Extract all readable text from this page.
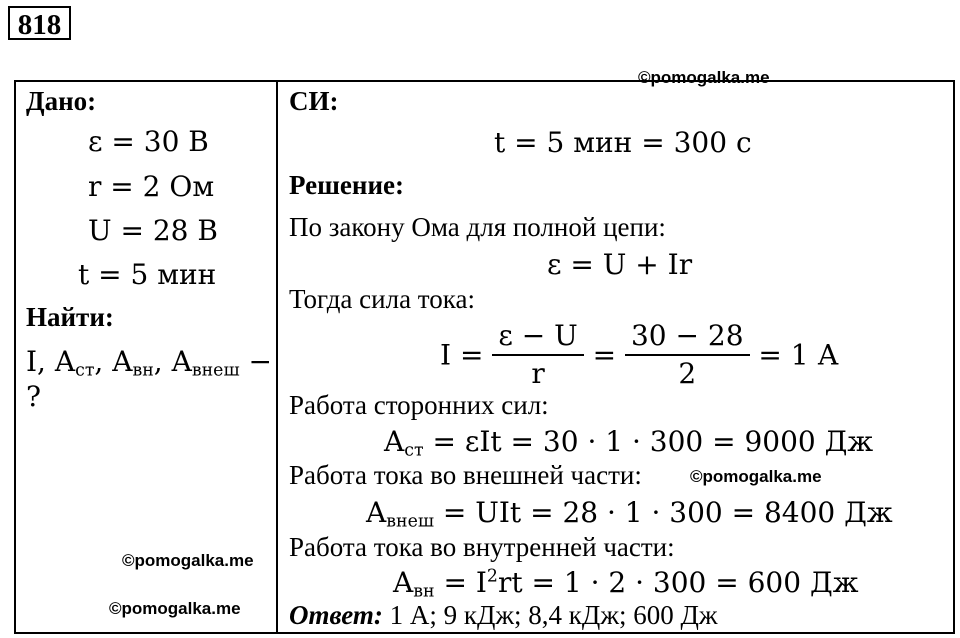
818
Дано:
ε = 30 В
r = 2 Ом
U = 28 В
t = 5 мин
Найти:
I, $A_{ст}$, $A_{вн}$, $A_{внеш}$ −
?
СИ:
t = 5 мин = 300 с
Решение:
По закону Ома для полной цепи:
ε = U + Ir
Тогда сила тока:
$I = \frac{\varepsilon - U}{r} = \frac{30 - 28}{2} = 1$ А
Работа сторонних сил:
$A_{ст} = \varepsilon It = 30 \cdot 1 \cdot 300 = 9000$ Дж
Работа тока во внешней части:	©pomogalka.me
$A_{внеш}$ = UIt = 28 · 1 · 300 = 8400 Дж
Работа тока во внутренней части:
$A_{вн} = I^2rt = 1 \cdot 2 \cdot 300 = 600$ Дж
Ответ: 1 А; 9 кДж; 8,4 кДж; 600 Дж
©pomogalka.me
©pomogalka.me
©pomogalka.me
